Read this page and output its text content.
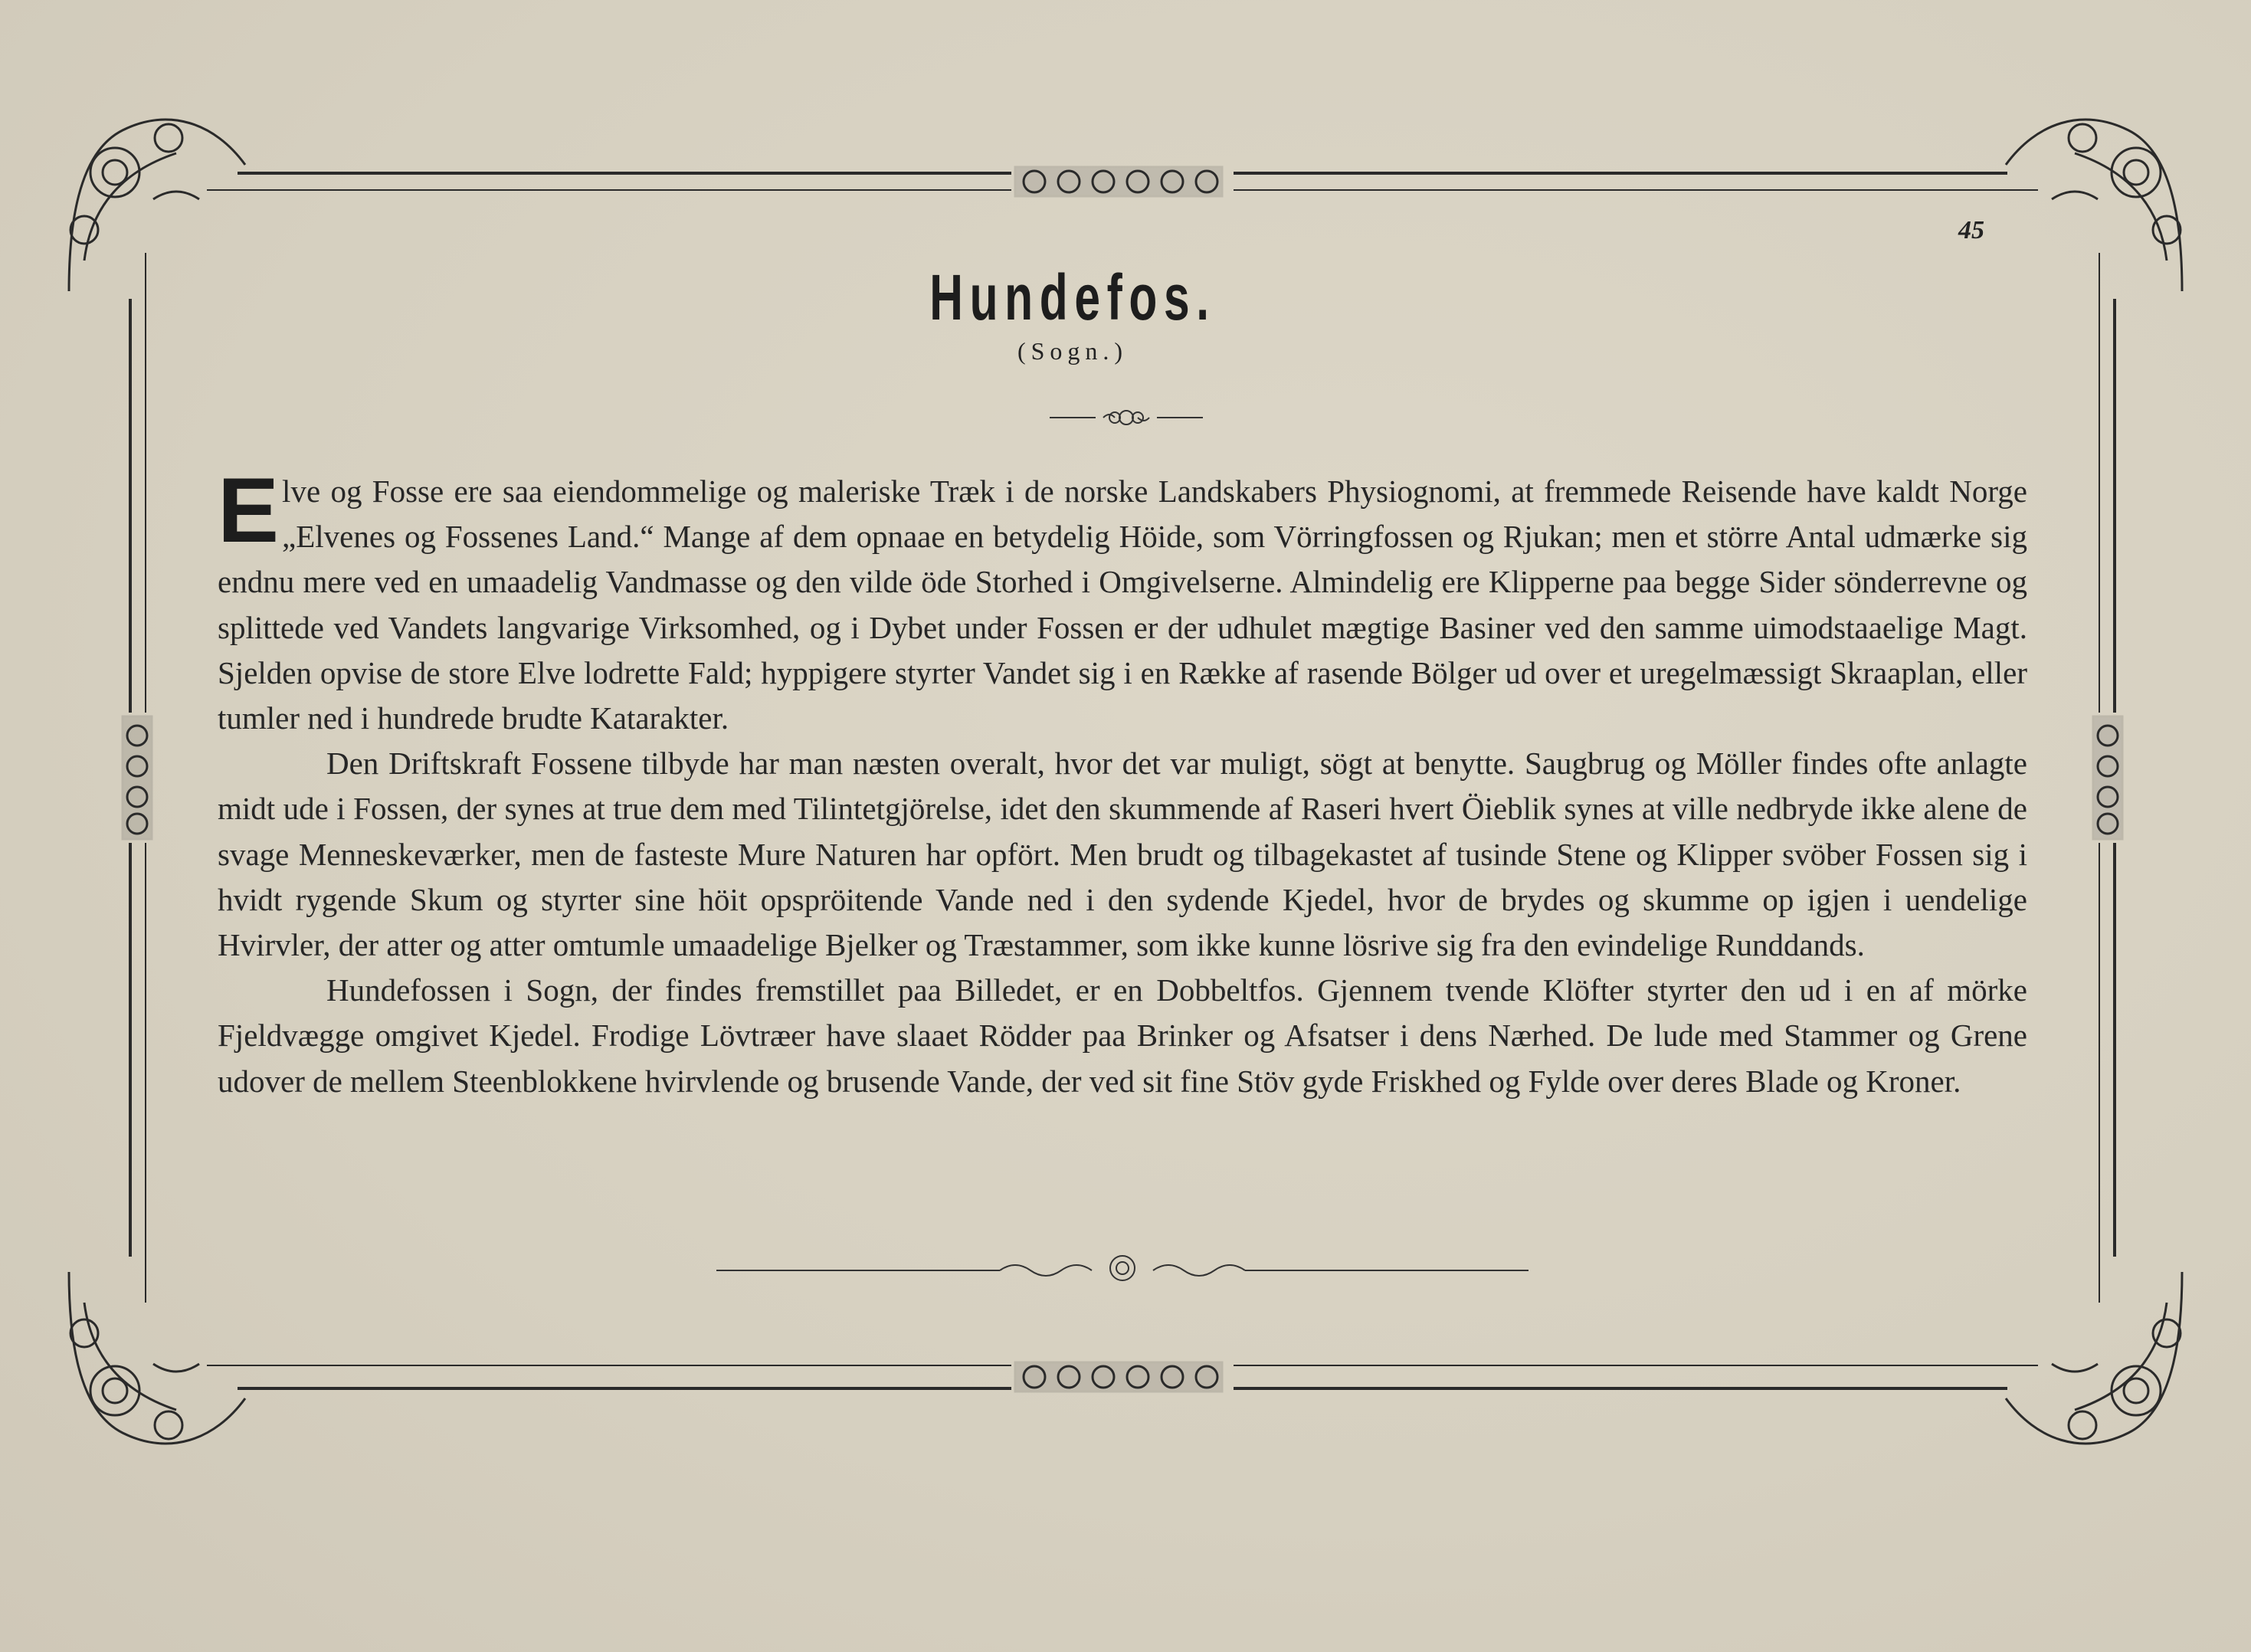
45
Hundefos.
(Sogn.)

Elve og Fosse ere saa eiendommelige og maleriske Træk i de norske Landskabers Physiognomi, at fremmede Reisende have kaldt Norge „Elvenes og Fossenes Land.“ Mange af dem opnaae en betydelig Höide, som Vörringfossen og Rjukan; men et större Antal udmærke sig endnu mere ved en umaadelig Vandmasse og den vilde öde Storhed i Omgivelserne. Almindelig ere Klipperne paa begge Sider sönderrevne og splittede ved Vandets langvarige Virksomhed, og i Dybet under Fossen er der udhulet mægtige Basiner ved den samme uimodstaaelige Magt. Sjelden opvise de store Elve lodrette Fald; hyppigere styrter Vandet sig i en Række af rasende Bölger ud over et uregelmæssigt Skraaplan, eller tumler ned i hundrede brudte Katarakter.

Den Driftskraft Fossene tilbyde har man næsten overalt, hvor det var muligt, sögt at benytte. Saugbrug og Möller findes ofte anlagte midt ude i Fossen, der synes at true dem med Tilintetgjörelse, idet den skummende af Raseri hvert Öieblik synes at ville nedbryde ikke alene de svage Menneskeværker, men de fasteste Mure Naturen har opfört. Men brudt og tilbagekastet af tusinde Stene og Klipper svöber Fossen sig i hvidt rygende Skum og styrter sine höit opspröitende Vande ned i den sydende Kjedel, hvor de brydes og skumme op igjen i uendelige Hvirvler, der atter og atter omtumle umaadelige Bjelker og Træstammer, som ikke kunne lösrive sig fra den evindelige Runddands.

Hundefossen i Sogn, der findes fremstillet paa Billedet, er en Dobbeltfos. Gjennem tvende Klöfter styrter den ud i en af mörke Fjeldvægge omgivet Kjedel. Frodige Lövtræer have slaaet Rödder paa Brinker og Afsatser i dens Nærhed. De lude med Stammer og Grene udover de mellem Steenblokkene hvirvlende og brusende Vande, der ved sit fine Stöv gyde Friskhed og Fylde over deres Blade og Kroner.
